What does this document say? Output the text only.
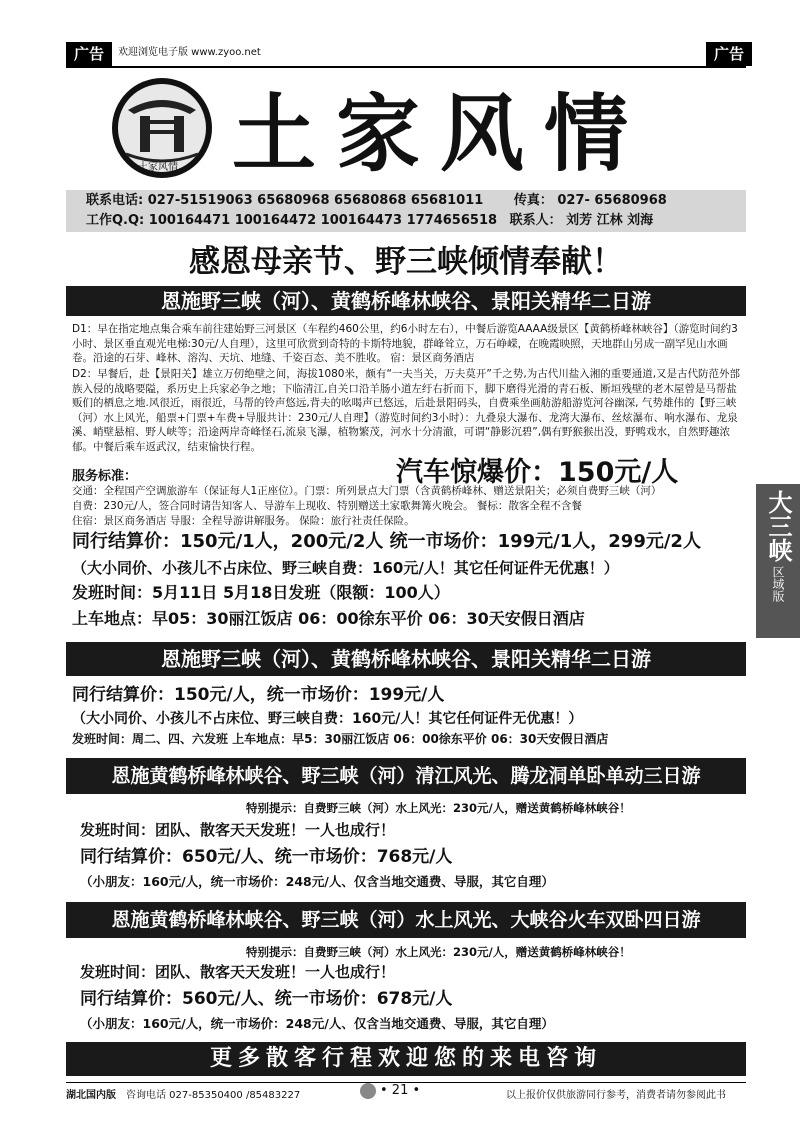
广告	欢迎浏览电子版 www.zyoo.net	广告
土家风情 土家风情
联系电话: 027-51519063 65680968 65680868 65681011 传真： 027- 65680968
工作Q.Q: 100164471 100164472 100164473 1774656518 联系人： 刘芳 江林 刘海
感恩母亲节、野三峡倾情奉献！
恩施野三峡（河）、黄鹤桥峰林峡谷、景阳关精华二日游
D1：早在指定地点集合乘车前往建始野三河景区（车程约460公里，约6小时左右），中餐后游览AAAA级景区【黄鹤桥峰林峡谷】（游览时间约3小时、景区垂直观光电梯:30元/人自理），这里可欣赏到奇特的卡斯特地貌，群峰耸立，万石峥嵘，在晚霞映照，天地群山另成一副罕见山水画卷。沿途的石芽、峰林、溶沟、天坑、地缝、千姿百态、美不胜收。 宿：景区商务酒店
D2：早餐后，赴【景阳关】雄立万仞绝壁之间，海拔1080米，颇有“一夫当关，万夫莫开”千之势,为古代川盐入湘的重要通道,又是古代防范外部族入侵的战略要隘，系历史上兵家必争之地；下临清江,自关口沿羊肠小道左纡右折而下，脚下磨得光滑的青石板、断垣残壁的老木屋曾是马帮盐贩们的栖息之地.风很近，雨很近，马帮的铃声悠远,背夫的吆喝声已悠远，后赴景阳码头，自费乘坐画舫游船游览河谷幽深, 气势雄伟的【野三峡（河）水上风光，船票+门票+车费+导服共计：230元/人自理】（游览时间约3小时）：九叠泉大瀑布、龙湾大瀑布、丝炫瀑布、响水瀑布、龙泉溪、峭壁悬棺、野人峡等；沿途两岸奇峰怪石,流泉飞瀑，植物繁茂，河水十分清澈，可谓“静影沉碧”,偶有野猴猴出没，野鸭戏水，自然野趣浓郁。中餐后乘车返武汉，结束愉快行程。
服务标准：	汽车惊爆价：150元/人
交通：全程国产空调旅游车（保证每人1正座位）。门票：所列景点大门票（含黄鹤桥峰林、赠送景阳关；必须自费野三峡（河）
自费：230元/人，签合同时请告知客人、导游车上现收、特别赠送土家歌舞篝火晚会。 餐标：散客全程不含餐
住宿：景区商务酒店 导服：全程导游讲解服务。 保险：旅行社责任保险。
同行结算价：150元/1人，200元/2人 统一市场价：199元/1人，299元/2人
（大小同价、小孩儿不占床位、野三峡自费：160元/人！其它任何证件无优惠！）
发班时间：5月11日 5月18日发班（限额：100人）
上车地点：早05：30丽江饭店 06：00徐东平价 06：30天安假日酒店
大三峡
区域版
恩施野三峡（河）、黄鹤桥峰林峡谷、景阳关精华二日游
同行结算价：150元/人，统一市场价：199元/人
（大小同价、小孩儿不占床位、野三峡自费：160元/人！其它任何证件无优惠！）
发班时间：周二、四、六发班 上车地点：早5：30丽江饭店 06：00徐东平价 06：30天安假日酒店
恩施黄鹤桥峰林峡谷、野三峡（河）清江风光、腾龙洞单卧单动三日游
特别提示：自费野三峡（河）水上风光：230元/人，赠送黄鹤桥峰林峡谷！
发班时间：团队、散客天天发班！一人也成行！
同行结算价：650元/人、统一市场价：768元/人
（小朋友：160元/人，统一市场价：248元/人、仅含当地交通费、导服，其它自理）
恩施黄鹤桥峰林峡谷、野三峡（河）水上风光、大峡谷火车双卧四日游
特别提示：自费野三峡（河）水上风光：230元/人，赠送黄鹤桥峰林峡谷！
发班时间：团队、散客天天发班！一人也成行！
同行结算价：560元/人、统一市场价：678元/人
（小朋友：160元/人，统一市场价：248元/人、仅含当地交通费、导服，其它自理）
更多散客行程欢迎您的来电咨询
湖北国内版 咨询电话 027-85350400 /85483227	• 21 •	以上报价仅供旅游同行参考，消费者请勿参阅此书
